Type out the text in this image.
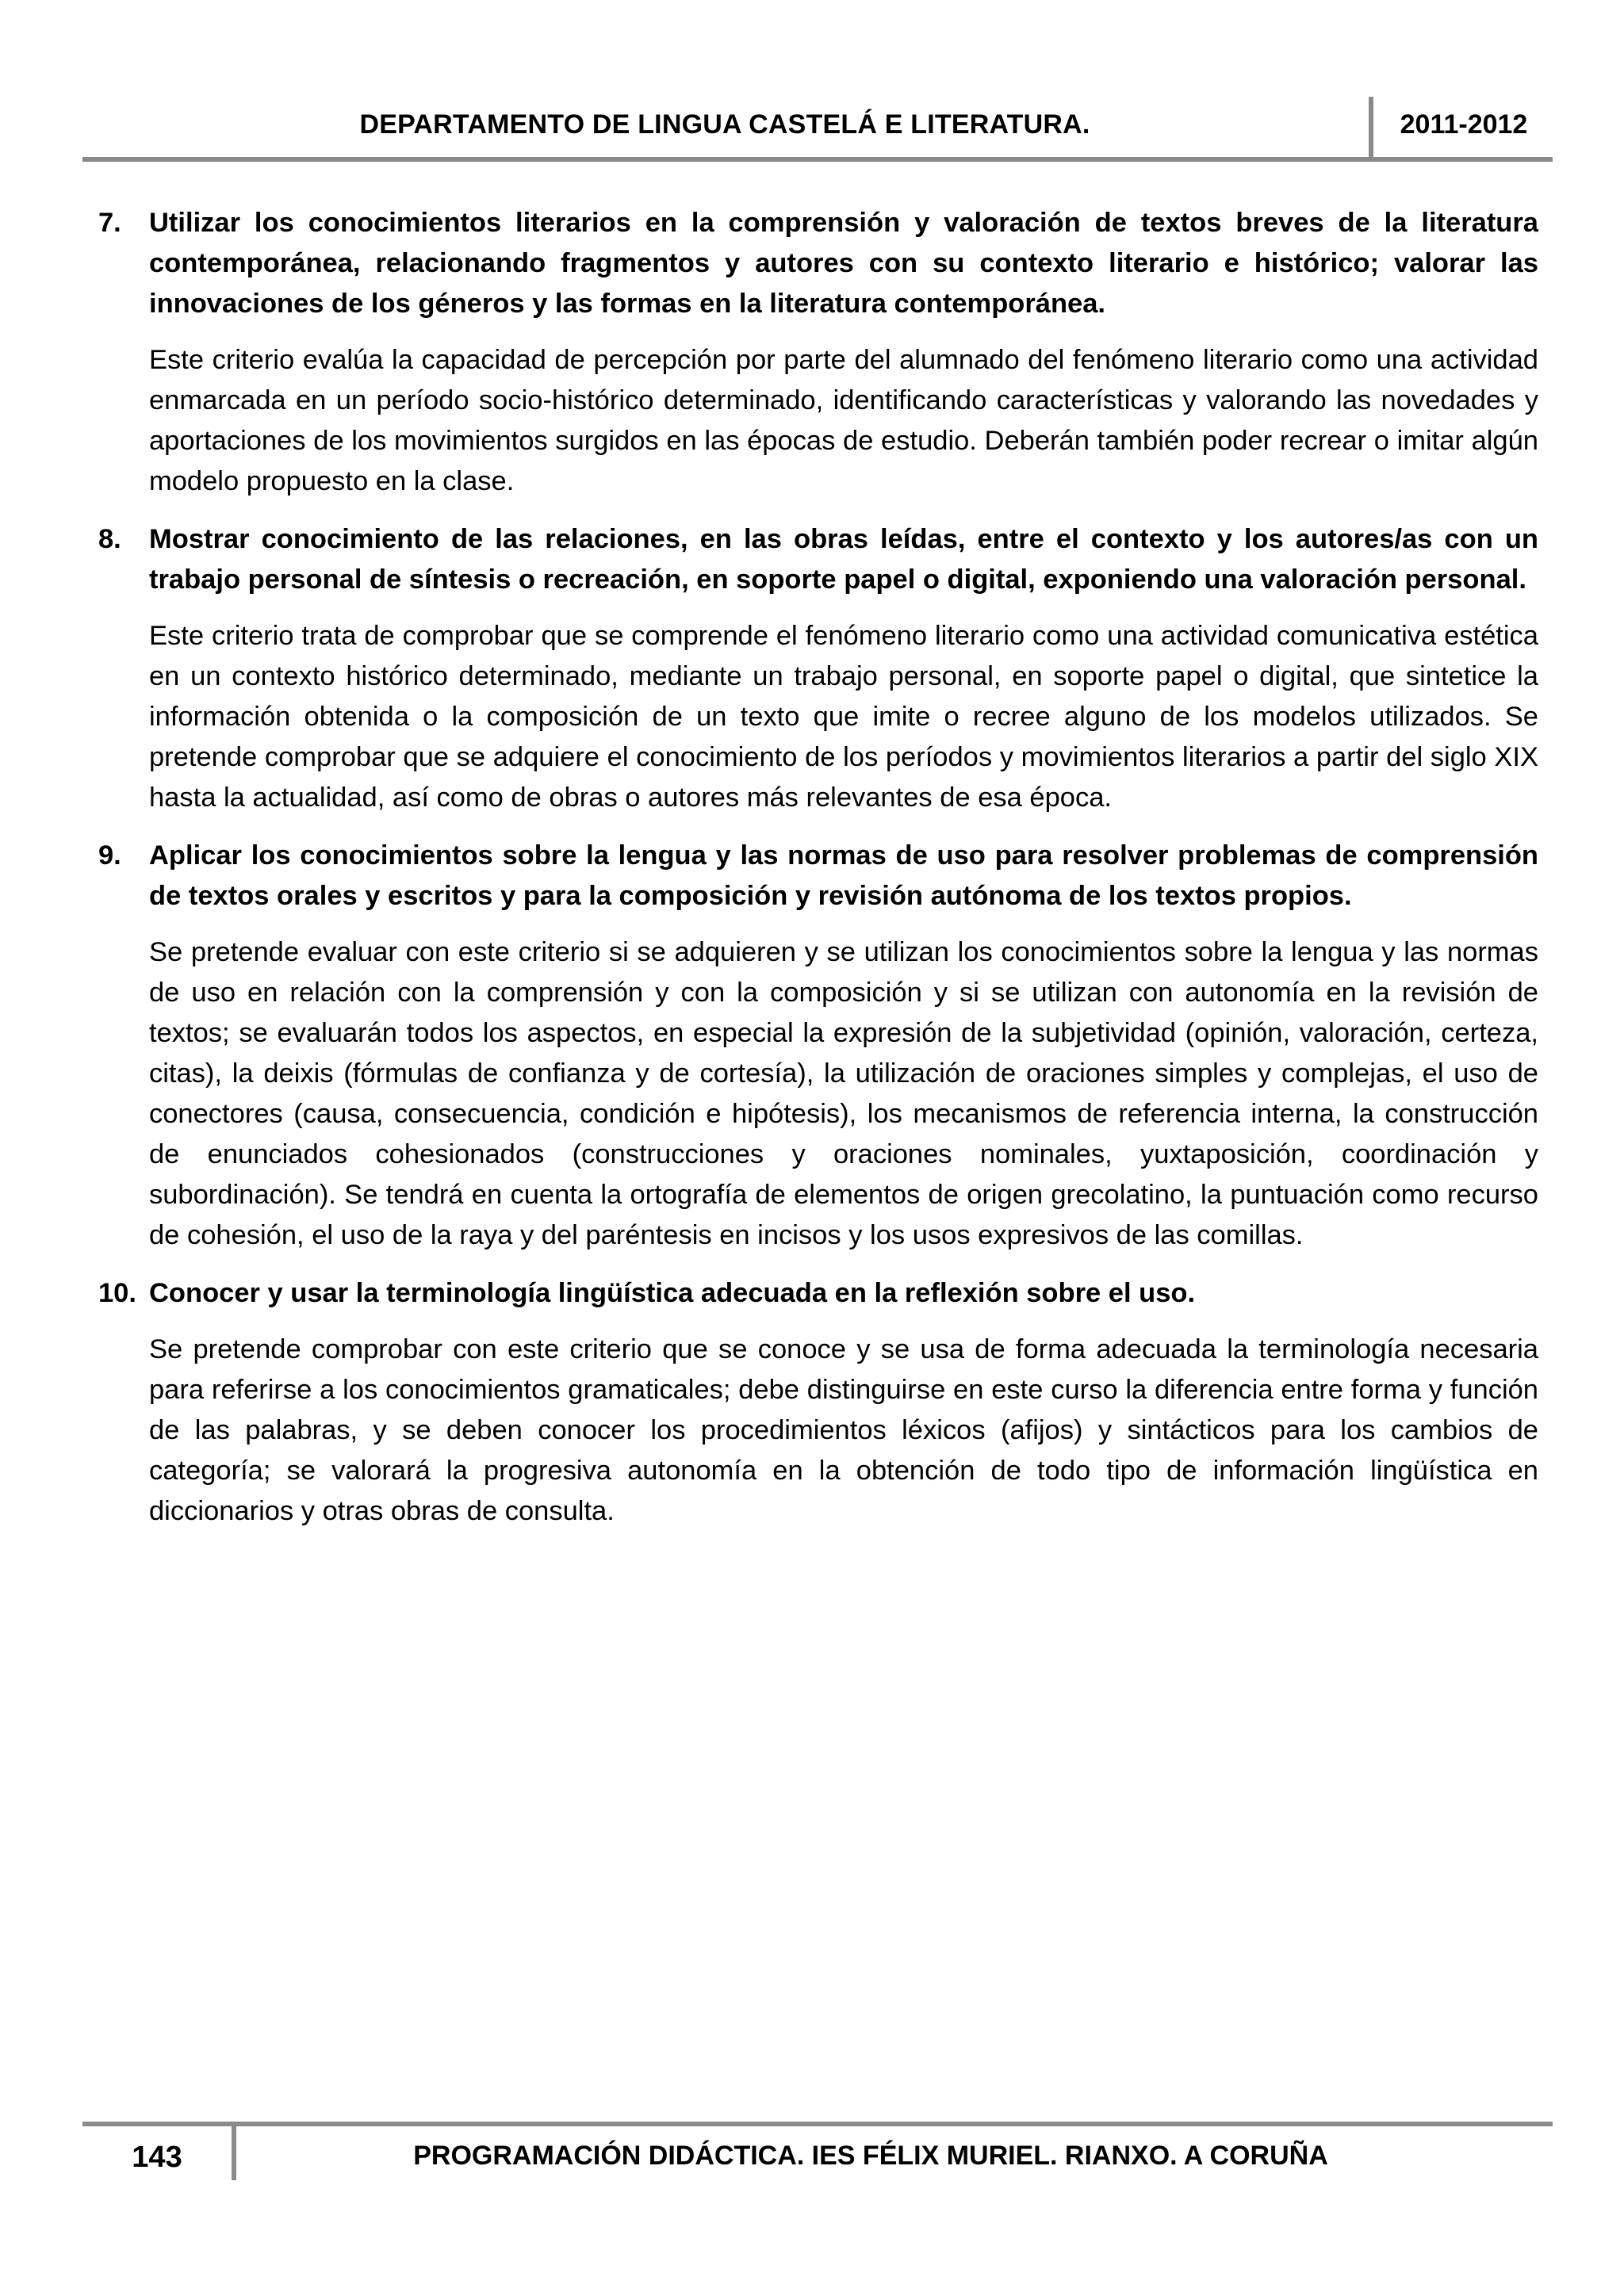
DEPARTAMENTO DE LINGUA CASTELÁ E LITERATURA.	2011-2012
7. Utilizar los conocimientos literarios en la comprensión y valoración de textos breves de la literatura contemporánea, relacionando fragmentos y autores con su contexto literario e histórico; valorar las innovaciones de los géneros y las formas en la literatura contemporánea.
Este criterio evalúa la capacidad de percepción por parte del alumnado del fenómeno literario como una actividad enmarcada en un período socio-histórico determinado, identificando características y valorando las novedades y aportaciones de los movimientos surgidos en las épocas de estudio. Deberán también poder recrear o imitar algún modelo propuesto en la clase.
8. Mostrar conocimiento de las relaciones, en las obras leídas, entre el contexto y los autores/as con un trabajo personal de síntesis o recreación, en soporte papel o digital, exponiendo una valoración personal.
Este criterio trata de comprobar que se comprende el fenómeno literario como una actividad comunicativa estética en un contexto histórico determinado, mediante un trabajo personal, en soporte papel o digital, que sintetice la información obtenida o la composición de un texto que imite o recree alguno de los modelos utilizados. Se pretende comprobar que se adquiere el conocimiento de los períodos y movimientos literarios a partir del siglo XIX hasta la actualidad, así como de obras o autores más relevantes de esa época.
9. Aplicar los conocimientos sobre la lengua y las normas de uso para resolver problemas de comprensión de textos orales y escritos y para la composición y revisión autónoma de los textos propios.
Se pretende evaluar con este criterio si se adquieren y se utilizan los conocimientos sobre la lengua y las normas de uso en relación con la comprensión y con la composición y si se utilizan con autonomía en la revisión de textos; se evaluarán todos los aspectos, en especial la expresión de la subjetividad (opinión, valoración, certeza, citas), la deixis (fórmulas de confianza y de cortesía), la utilización de oraciones simples y complejas, el uso de conectores (causa, consecuencia, condición e hipótesis), los mecanismos de referencia interna, la construcción de enunciados cohesionados (construcciones y oraciones nominales, yuxtaposición, coordinación y subordinación). Se tendrá en cuenta la ortografía de elementos de origen grecolatino, la puntuación como recurso de cohesión, el uso de la raya y del paréntesis en incisos y los usos expresivos de las comillas.
10. Conocer y usar la terminología lingüística adecuada en la reflexión sobre el uso.
Se pretende comprobar con este criterio que se conoce y se usa de forma adecuada la terminología necesaria para referirse a los conocimientos gramaticales; debe distinguirse en este curso la diferencia entre forma y función de las palabras, y se deben conocer los procedimientos léxicos (afijos) y sintácticos para los cambios de categoría; se valorará la progresiva autonomía en la obtención de todo tipo de información lingüística en diccionarios y otras obras de consulta.
143	PROGRAMACIÓN DIDÁCTICA. IES FÉLIX MURIEL. RIANXO. A CORUÑA
